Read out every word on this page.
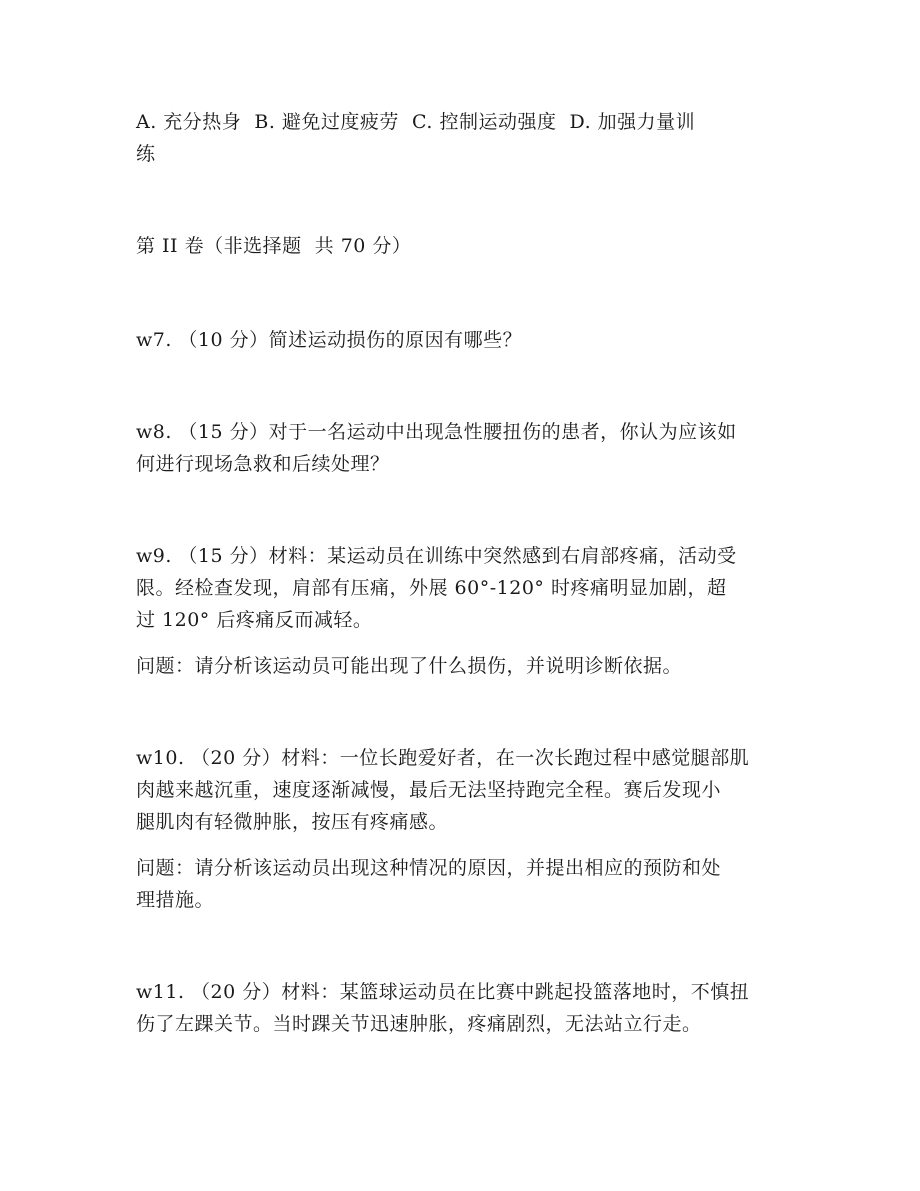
A. 充分热身  B. 避免过度疲劳  C. 控制运动强度  D. 加强力量训

练

第 II 卷（非选择题  共 70 分）

w7. （10 分）简述运动损伤的原因有哪些？

w8. （15 分）对于一名运动中出现急性腰扭伤的患者，你认为应该如

何进行现场急救和后续处理？

w9. （15 分）材料：某运动员在训练中突然感到右肩部疼痛，活动受

限。经检查发现，肩部有压痛，外展 60°-120° 时疼痛明显加剧，超

过 120° 后疼痛反而减轻。

问题：请分析该运动员可能出现了什么损伤，并说明诊断依据。

w10. （20 分）材料：一位长跑爱好者，在一次长跑过程中感觉腿部肌

肉越来越沉重，速度逐渐减慢，最后无法坚持跑完全程。赛后发现小

腿肌肉有轻微肿胀，按压有疼痛感。

问题：请分析该运动员出现这种情况的原因，并提出相应的预防和处

理措施。

w11. （20 分）材料：某篮球运动员在比赛中跳起投篮落地时，不慎扭

伤了左踝关节。当时踝关节迅速肿胀，疼痛剧烈，无法站立行走。
